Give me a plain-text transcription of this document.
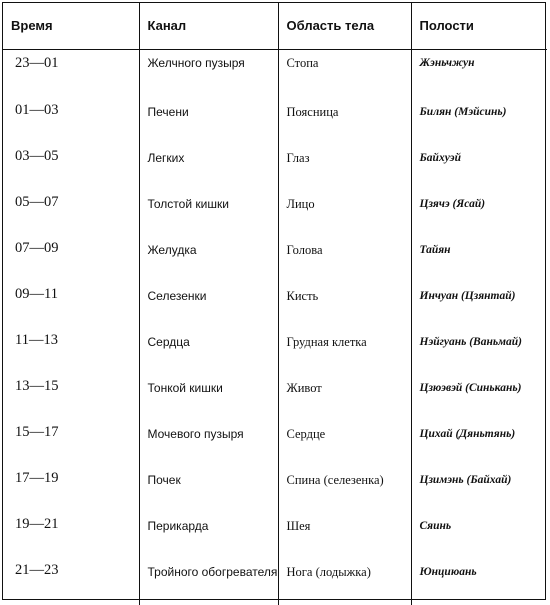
Время	Канал	Область тела	Полости

23—01	Желчного пузыря	Стопа	Жэньчжун

01—03	Печени	Поясница	Билян (Мэйсинь)

03—05	Легких	Глаз	Байхуэй

05—07	Толстой кишки	Лицо	Цзячэ (Ясай)

07—09	Желудка	Голова	Тайян

09—11	Селезенки	Кисть	Инчуан (Цзянтай)

11—13	Сердца	Грудная клетка	Нэйгуань (Ваньмай)

13—15	Тонкой кишки	Живот	Цзюэвэй (Синькань)

15—17	Мочевого пузыря	Сердце	Цихай (Дяньтянь)

17—19	Почек	Спина (селезенка)	Цзимэнь (Байхай)

19—21	Перикарда	Шея	Сяинь

21—23	Тройного обогревателя	Нога (лодыжка)	Юнциюань
